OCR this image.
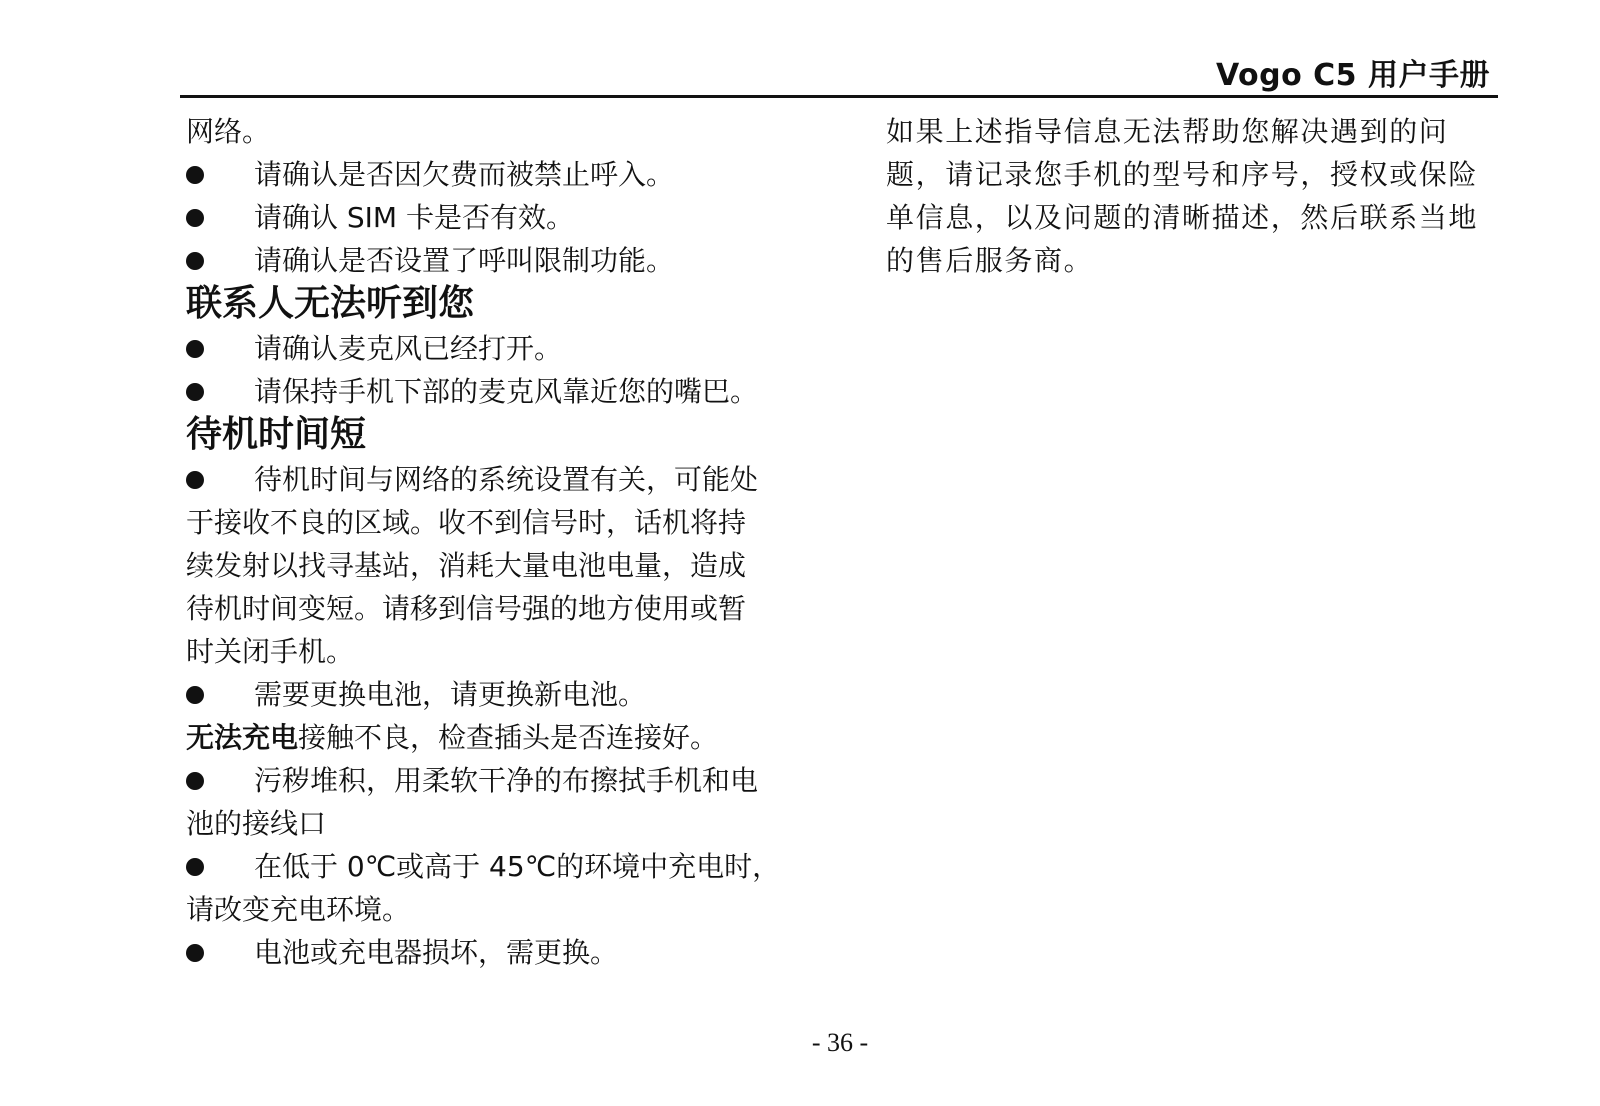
Vogo C5 用户手册
网络。
请确认是否因欠费而被禁止呼入。
请确认 SIM 卡是否有效。
请确认是否设置了呼叫限制功能。
联系人无法听到您
请确认麦克风已经打开。
请保持手机下部的麦克风靠近您的嘴巴。
待机时间短
待机时间与网络的系统设置有关，可能处
于接收不良的区域。收不到信号时，话机将持
续发射以找寻基站，消耗大量电池电量，造成
待机时间变短。请移到信号强的地方使用或暂
时关闭手机。
需要更换电池，请更换新电池。
无法充电接触不良，检查插头是否连接好。
污秽堆积，用柔软干净的布擦拭手机和电
池的接线口
在低于 0℃或高于 45℃的环境中充电时，
请改变充电环境。
电池或充电器损坏，需更换。
如果上述指导信息无法帮助您解决遇到的问
题，请记录您手机的型号和序号，授权或保险
单信息，以及问题的清晰描述，然后联系当地
的售后服务商。
- 36 -
